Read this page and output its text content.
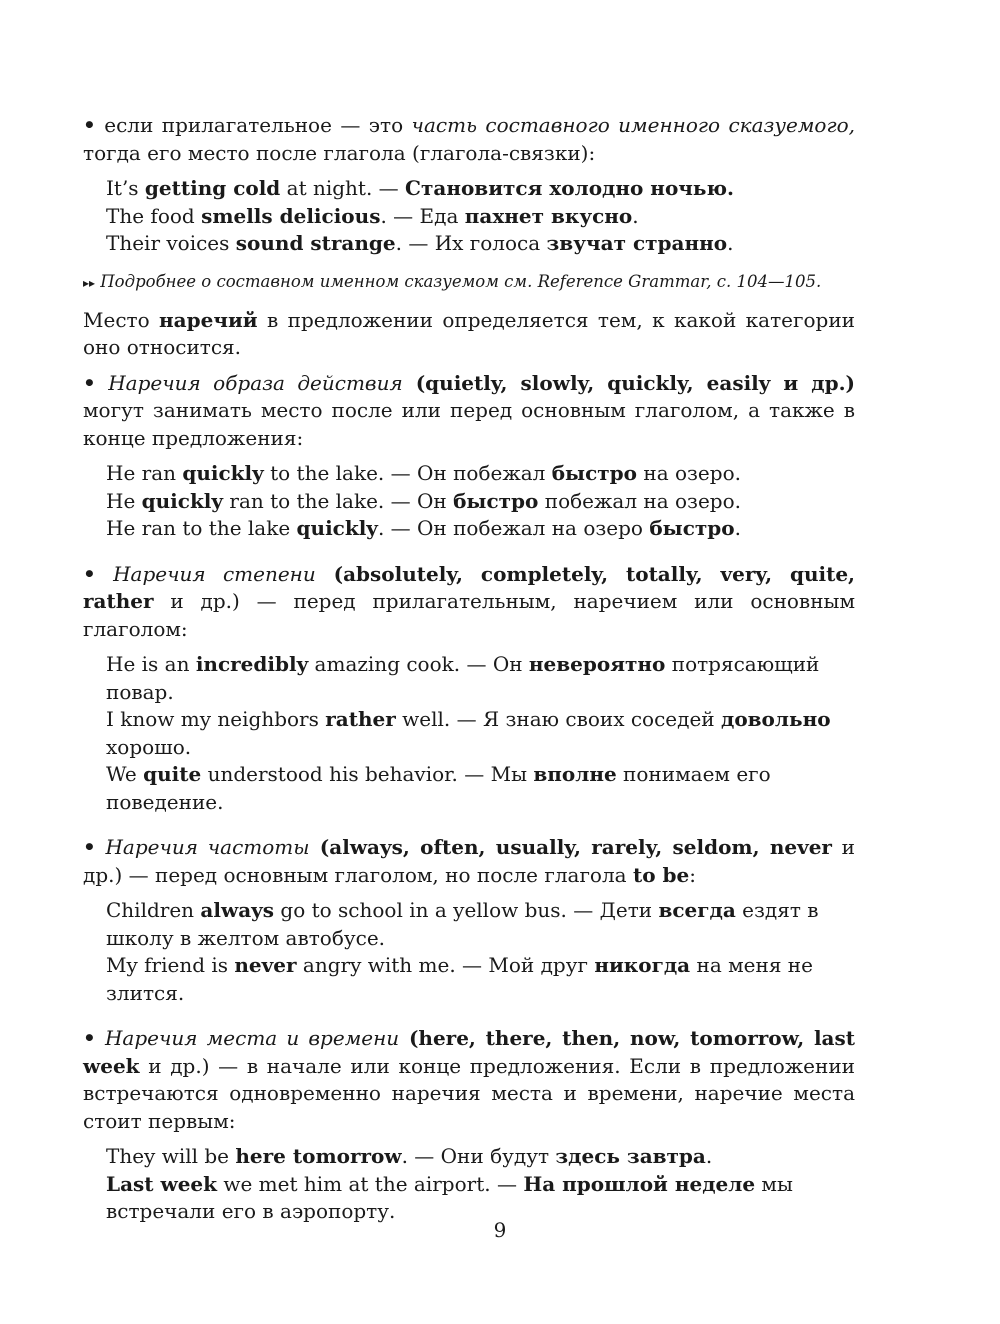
• если прилагательное — это часть составного именного сказуемого, тогда его место после глагола (глагола-связки):

It’s getting cold at night. — Становится холодно ночью.

The food smells delicious. — Еда пахнет вкусно.

Their voices sound strange. — Их голоса звучат странно.

▸▸ Подробнее о составном именном сказуемом см. Reference Grammar, с. 104—105.
Место наречий в предложении определяется тем, к какой категории оно относится.
• Наречия образа действия (quietly, slowly, quickly, easily и др.) могут занимать место после или перед основным глаголом, а также в конце предложения:

He ran quickly to the lake. — Он побежал быстро на озеро.

He quickly ran to the lake. — Он быстро побежал на озеро.

He ran to the lake quickly. — Он побежал на озеро быстро.

• Наречия степени (absolutely, completely, totally, very, quite, rather и др.) — перед прилагательным, наречием или основным глаголом:

He is an incredibly amazing cook. — Он невероятно потрясающий повар.

I know my neighbors rather well. — Я знаю своих соседей довольно хорошо.

We quite understood his behavior. — Мы вполне понимаем его поведение.

• Наречия частоты (always, often, usually, rarely, seldom, never и др.) — перед основным глаголом, но после глагола to be:

Children always go to school in a yellow bus. — Дети всегда ездят в школу в желтом автобусе.

My friend is never angry with me. — Мой друг никогда на меня не злится.

• Наречия места и времени (here, there, then, now, tomorrow, last week и др.) — в начале или конце предложения. Если в предложении встречаются одновременно наречия места и времени, наречие места стоит первым:

They will be here tomorrow. — Они будут здесь завтра.

Last week we met him at the airport. — На прошлой неделе мы встречали его в аэропорту.

9
